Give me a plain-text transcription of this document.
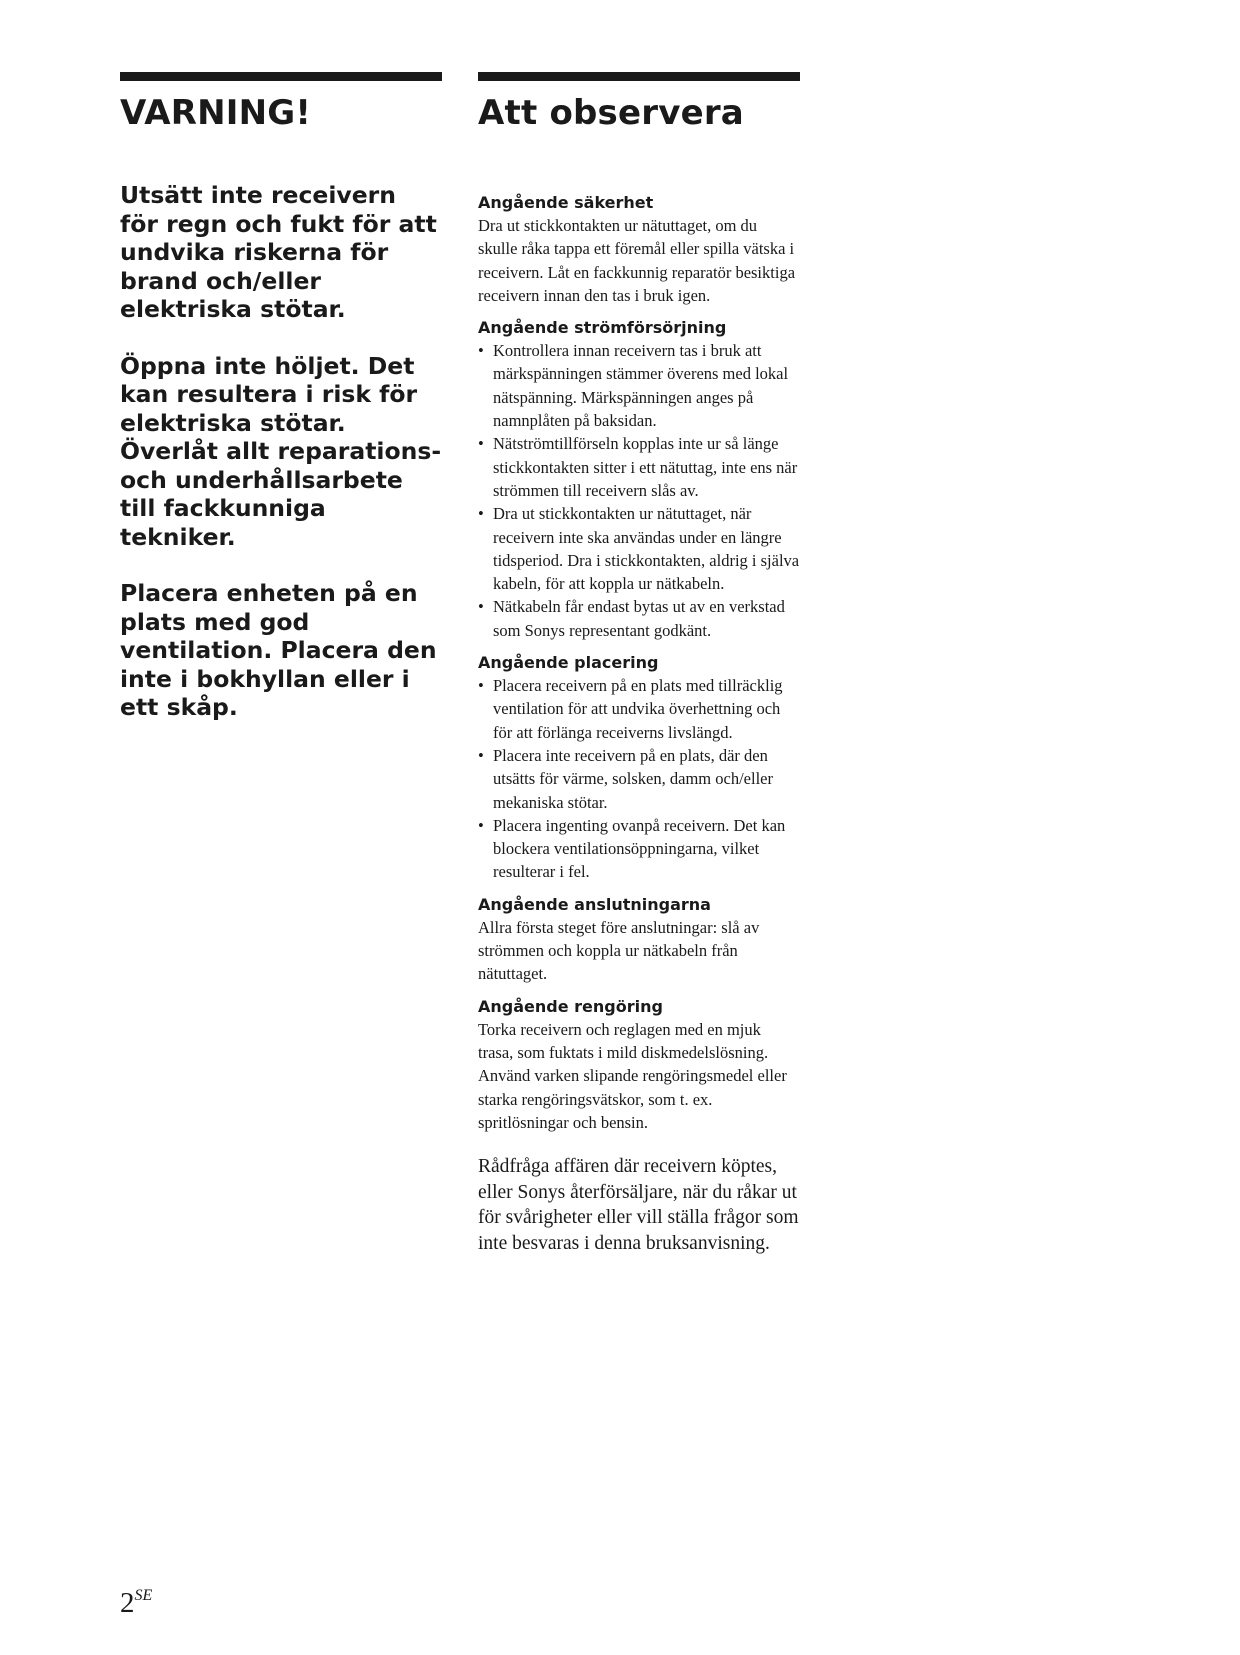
VARNING!

Utsätt inte receivern för regn och fukt för att undvika riskerna för brand och/eller elektriska stötar.

Öppna inte höljet. Det kan resultera i risk för elektriska stötar. Överlåt allt reparations- och underhållsarbete till fackkunniga tekniker.

Placera enheten på en plats med god ventilation. Placera den inte i bokhyllan eller i ett skåp.

Att observera
Angående säkerhet

Dra ut stickkontakten ur nätuttaget, om du skulle råka tappa ett föremål eller spilla vätska i receivern. Låt en fackkunnig reparatör besiktiga receivern innan den tas i bruk igen.

Angående strömförsörjning
• Kontrollera innan receivern tas i bruk att märkspänningen stämmer överens med lokal nätspänning. Märkspänningen anges på namnplåten på baksidan.
• Nätströmtillförseln kopplas inte ur så länge stickkontakten sitter i ett nätuttag, inte ens när strömmen till receivern slås av.
• Dra ut stickkontakten ur nätuttaget, när receivern inte ska användas under en längre tidsperiod. Dra i stickkontakten, aldrig i själva kabeln, för att koppla ur nätkabeln.
• Nätkabeln får endast bytas ut av en verkstad som Sonys representant godkänt.
Angående placering
• Placera receivern på en plats med tillräcklig ventilation för att undvika överhettning och för att förlänga receiverns livslängd.
• Placera inte receivern på en plats, där den utsätts för värme, solsken, damm och/eller mekaniska stötar.
• Placera ingenting ovanpå receivern. Det kan blockera ventilationsöppningarna, vilket resulterar i fel.
Angående anslutningarna

Allra första steget före anslutningar: slå av strömmen och koppla ur nätkabeln från nätuttaget.

Angående rengöring

Torka receivern och reglagen med en mjuk trasa, som fuktats i mild diskmedelslösning. Använd varken slipande rengöringsmedel eller starka rengöringsvätskor, som t. ex. spritlösningar och bensin.

Rådfråga affären där receivern köptes, eller Sonys återförsäljare, när du råkar ut för svårigheter eller vill ställa frågor som inte besvaras i denna bruksanvisning.

$2^{SE}$
